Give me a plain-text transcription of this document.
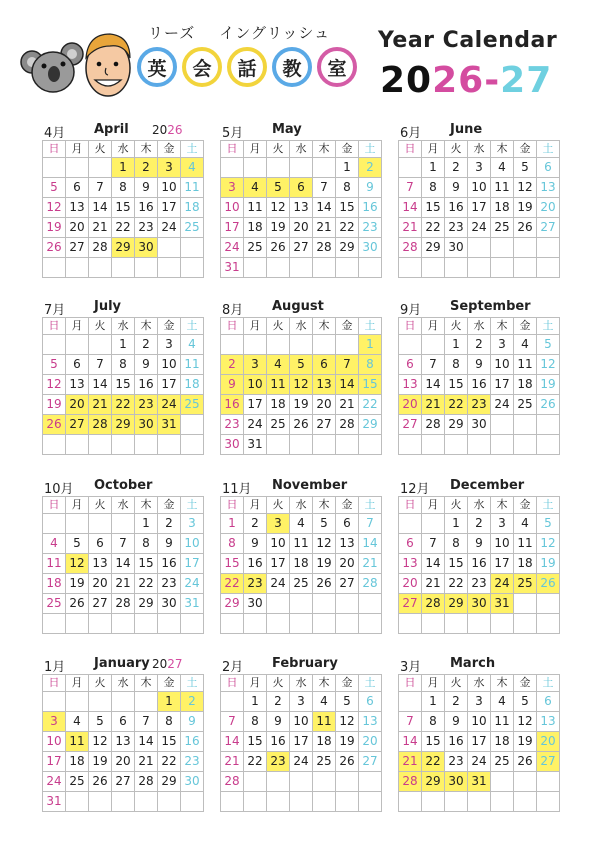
リーズ イングリッシュ
英	会	話	教	室
Year Calendar
2026-27
4月 April 2026
日	月	火	水	木	金	土
			1	2	3	4
5	6	7	8	9	10	11
12	13	14	15	16	17	18
19	20	21	22	23	24	25
26	27	28	29	30		

5月 May
日	月	火	水	木	金	土
					1	2
3	4	5	6	7	8	9
10	11	12	13	14	15	16
17	18	19	20	21	22	23
24	25	26	27	28	29	30
31						
6月 June
日	月	火	水	木	金	土
	1	2	3	4	5	6
7	8	9	10	11	12	13
14	15	16	17	18	19	20
21	22	23	24	25	26	27
28	29	30				

7月 July
日	月	火	水	木	金	土
			1	2	3	4
5	6	7	8	9	10	11
12	13	14	15	16	17	18
19	20	21	22	23	24	25
26	27	28	29	30	31	

8月 August
日	月	火	水	木	金	土
						1
2	3	4	5	6	7	8
9	10	11	12	13	14	15
16	17	18	19	20	21	22
23	24	25	26	27	28	29
30	31					
9月 September
日	月	火	水	木	金	土
		1	2	3	4	5
6	7	8	9	10	11	12
13	14	15	16	17	18	19
20	21	22	23	24	25	26
27	28	29	30			

10月 October
日	月	火	水	木	金	土
				1	2	3
4	5	6	7	8	9	10
11	12	13	14	15	16	17
18	19	20	21	22	23	24
25	26	27	28	29	30	31

11月 November
日	月	火	水	木	金	土
1	2	3	4	5	6	7
8	9	10	11	12	13	14
15	16	17	18	19	20	21
22	23	24	25	26	27	28
29	30					

12月 December
日	月	火	水	木	金	土
		1	2	3	4	5
6	7	8	9	10	11	12
13	14	15	16	17	18	19
20	21	22	23	24	25	26
27	28	29	30	31		

1月 January 2027
日	月	火	水	木	金	土
					1	2
3	4	5	6	7	8	9
10	11	12	13	14	15	16
17	18	19	20	21	22	23
24	25	26	27	28	29	30
31						
2月 February
日	月	火	水	木	金	土
	1	2	3	4	5	6
7	8	9	10	11	12	13
14	15	16	17	18	19	20
21	22	23	24	25	26	27
28						

3月 March
日	月	火	水	木	金	土
	1	2	3	4	5	6
7	8	9	10	11	12	13
14	15	16	17	18	19	20
21	22	23	24	25	26	27
28	29	30	31			
